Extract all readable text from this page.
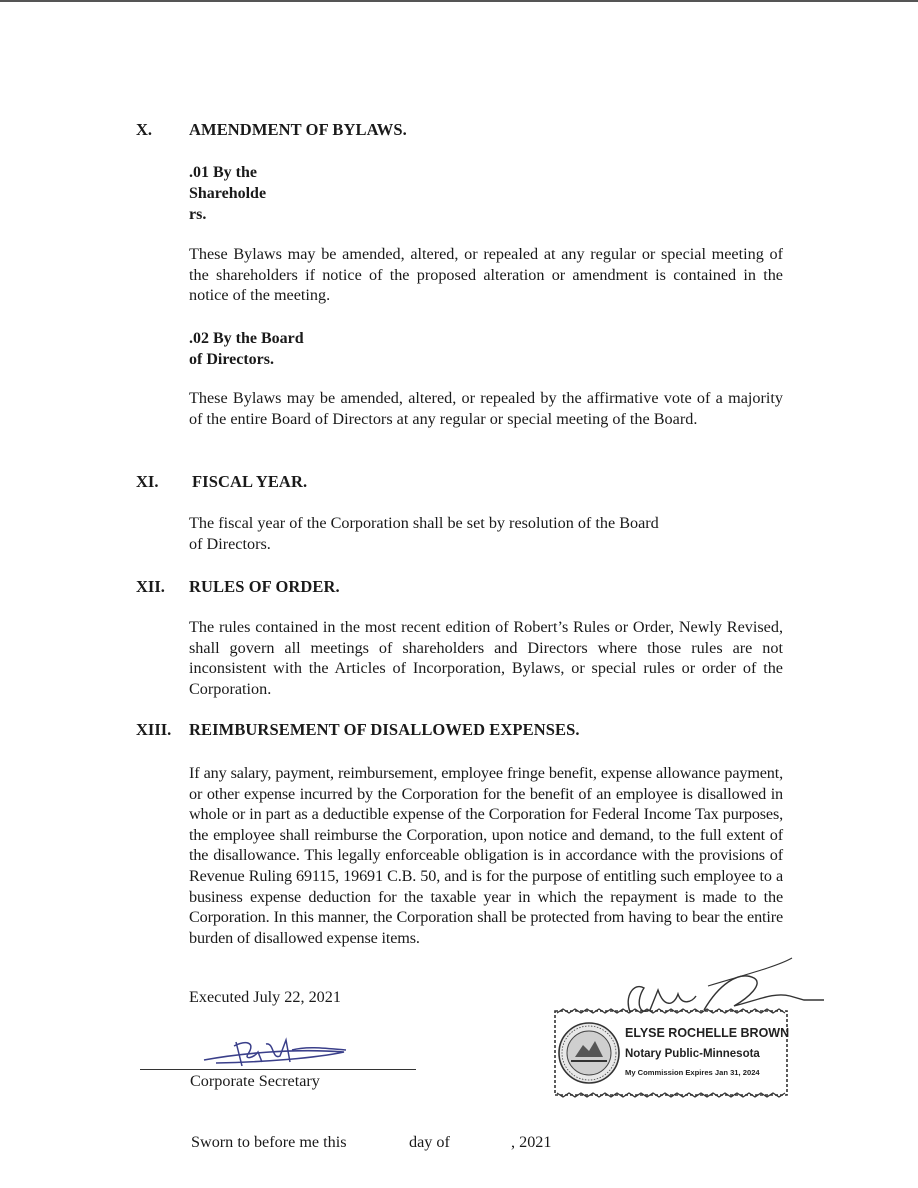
X. AMENDMENT OF BYLAWS.
.01 By the
Shareholde
rs.
These Bylaws may be amended, altered, or repealed at any regular or special meeting of the shareholders if notice of the proposed alteration or amendment is contained in the notice of the meeting.
.02 By the Board
of Directors.
These Bylaws may be amended, altered, or repealed by the affirmative vote of a majority of the entire Board of Directors at any regular or special meeting of the Board.
XI. FISCAL YEAR.
The fiscal year of the Corporation shall be set by resolution of the Board
of Directors.
XII. RULES OF ORDER.
The rules contained in the most recent edition of Robert’s Rules or Order, Newly Revised, shall govern all meetings of shareholders and Directors where those rules are not inconsistent with the Articles of Incorporation, Bylaws, or special rules or order of the Corporation.
XIII. REIMBURSEMENT OF DISALLOWED EXPENSES.
If any salary, payment, reimbursement, employee fringe benefit, expense allowance payment, or other expense incurred by the Corporation for the benefit of an employee is disallowed in whole or in part as a deductible expense of the Corporation for Federal Income Tax purposes, the employee shall reimburse the Corporation, upon notice and demand, to the full extent of the disallowance. This legally enforceable obligation is in accordance with the provisions of Revenue Ruling 69115, 19691 C.B. 50, and is for the purpose of entitling such employee to a business expense deduction for the taxable year in which the repayment is made to the Corporation. In this manner, the Corporation shall be protected from having to bear the entire burden of disallowed expense items.
Executed July 22, 2021
Corporate Secretary
ELYSE ROCHELLE BROWN
Notary Public-Minnesota
My Commission Expires Jan 31, 2024
Sworn to before me this	day of	, 2021
